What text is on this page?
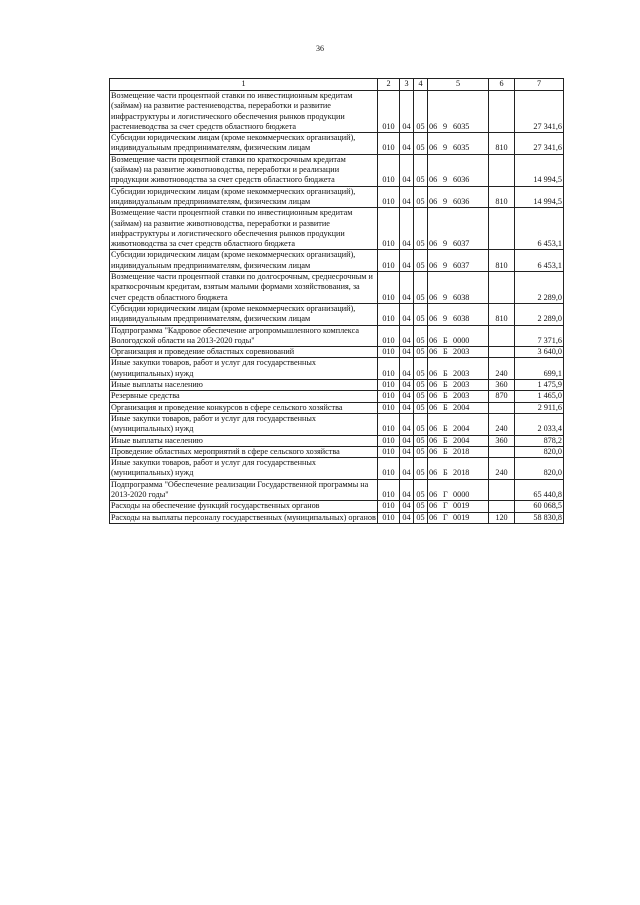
36
1	2	3	4	5	6	7
Возмещение части процентной ставки по инвестиционным кредитам (займам) на развитие растениеводства, переработки и развитие инфраструктуры и логистического обеспечения рынков продукции растениеводства за счет средств областного бюджета	010	04	05	06 9 6035		27 341,6
Субсидии юридическим лицам (кроме некоммерческих организаций), индивидуальным предпринимателям, физическим лицам	010	04	05	06 9 6035	810	27 341,6
Возмещение части процентной ставки по краткосрочным кредитам (займам) на развитие животноводства, переработки и реализации продукции животноводства за счет средств областного бюджета	010	04	05	06 9 6036		14 994,5
Субсидии юридическим лицам (кроме некоммерческих организаций), индивидуальным предпринимателям, физическим лицам	010	04	05	06 9 6036	810	14 994,5
Возмещение части процентной ставки по инвестиционным кредитам (займам) на развитие животноводства, переработки и развитие инфраструктуры и логистического обеспечения рынков продукции животноводства за счет средств областного бюджета	010	04	05	06 9 6037		6 453,1
Субсидии юридическим лицам (кроме некоммерческих организаций), индивидуальным предпринимателям, физическим лицам	010	04	05	06 9 6037	810	6 453,1
Возмещение части процентной ставки по долгосрочным, среднесрочным и краткосрочным кредитам, взятым малыми формами хозяйствования, за счет средств областного бюджета	010	04	05	06 9 6038		2 289,0
Субсидии юридическим лицам (кроме некоммерческих организаций), индивидуальным предпринимателям, физическим лицам	010	04	05	06 9 6038	810	2 289,0
Подпрограмма "Кадровое обеспечение агропромышленного комплекса Вологодской области на 2013-2020 годы"	010	04	05	06 Б 0000		7 371,6
Организация и проведение областных соревнований	010	04	05	06 Б 2003		3 640,0
Иные закупки товаров, работ и услуг для государственных (муниципальных) нужд	010	04	05	06 Б 2003	240	699,1
Иные выплаты населению	010	04	05	06 Б 2003	360	1 475,9
Резервные средства	010	04	05	06 Б 2003	870	1 465,0
Организация и проведение конкурсов в сфере сельского хозяйства	010	04	05	06 Б 2004		2 911,6
Иные закупки товаров, работ и услуг для государственных (муниципальных) нужд	010	04	05	06 Б 2004	240	2 033,4
Иные выплаты населению	010	04	05	06 Б 2004	360	878,2
Проведение областных мероприятий в сфере сельского хозяйства	010	04	05	06 Б 2018		820,0
Иные закупки товаров, работ и услуг для государственных (муниципальных) нужд	010	04	05	06 Б 2018	240	820,0
Подпрограмма "Обеспечение реализации Государственной программы на 2013-2020 годы"	010	04	05	06 Г 0000		65 440,8
Расходы на обеспечение функций государственных органов	010	04	05	06 Г 0019		60 068,5
Расходы на выплаты персоналу государственных (муниципальных) органов	010	04	05	06 Г 0019	120	58 830,8
